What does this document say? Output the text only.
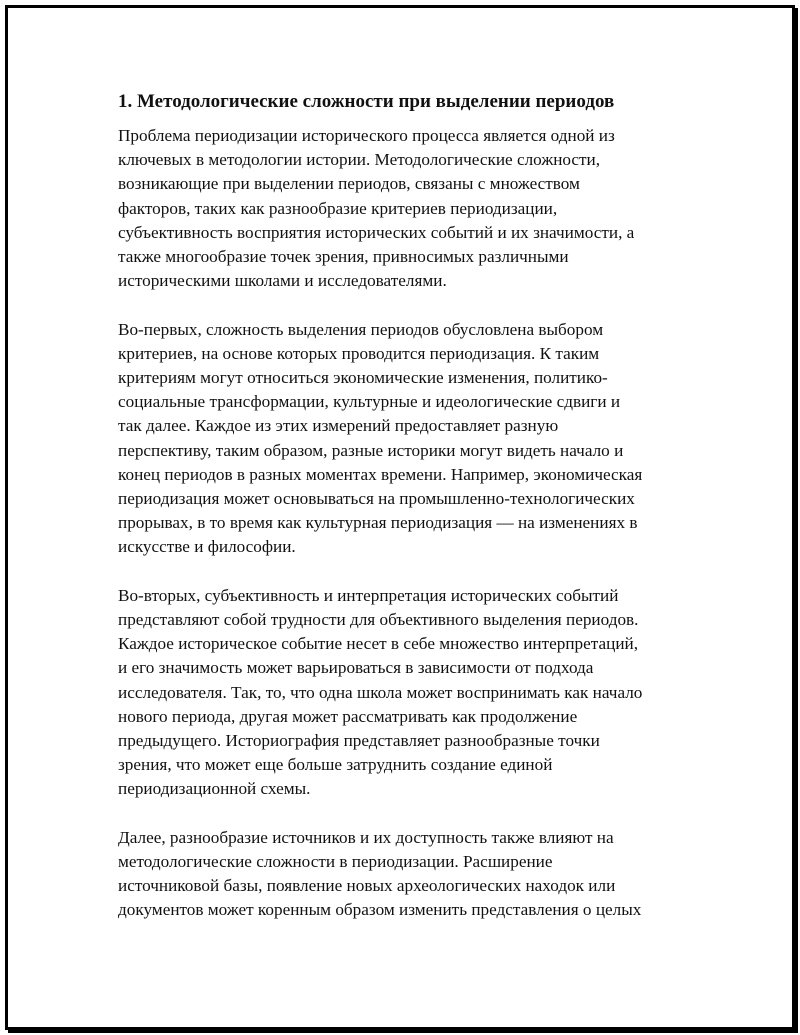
1. Методологические сложности при выделении периодов
Проблема периодизации исторического процесса является одной из
ключевых в методологии истории. Методологические сложности,
возникающие при выделении периодов, связаны с множеством
факторов, таких как разнообразие критериев периодизации,
субъективность восприятия исторических событий и их значимости, а
также многообразие точек зрения, привносимых различными
историческими школами и исследователями.
Во-первых, сложность выделения периодов обусловлена выбором
критериев, на основе которых проводится периодизация. К таким
критериям могут относиться экономические изменения, политико-
социальные трансформации, культурные и идеологические сдвиги и
так далее. Каждое из этих измерений предоставляет разную
перспективу, таким образом, разные историки могут видеть начало и
конец периодов в разных моментах времени. Например, экономическая
периодизация может основываться на промышленно-технологических
прорывах, в то время как культурная периодизация — на изменениях в
искусстве и философии.
Во-вторых, субъективность и интерпретация исторических событий
представляют собой трудности для объективного выделения периодов.
Каждое историческое событие несет в себе множество интерпретаций,
и его значимость может варьироваться в зависимости от подхода
исследователя. Так, то, что одна школа может воспринимать как начало
нового периода, другая может рассматривать как продолжение
предыдущего. Историография представляет разнообразные точки
зрения, что может еще больше затруднить создание единой
периодизационной схемы.
Далее, разнообразие источников и их доступность также влияют на
методологические сложности в периодизации. Расширение
источниковой базы, появление новых археологических находок или
документов может коренным образом изменить представления о целых
